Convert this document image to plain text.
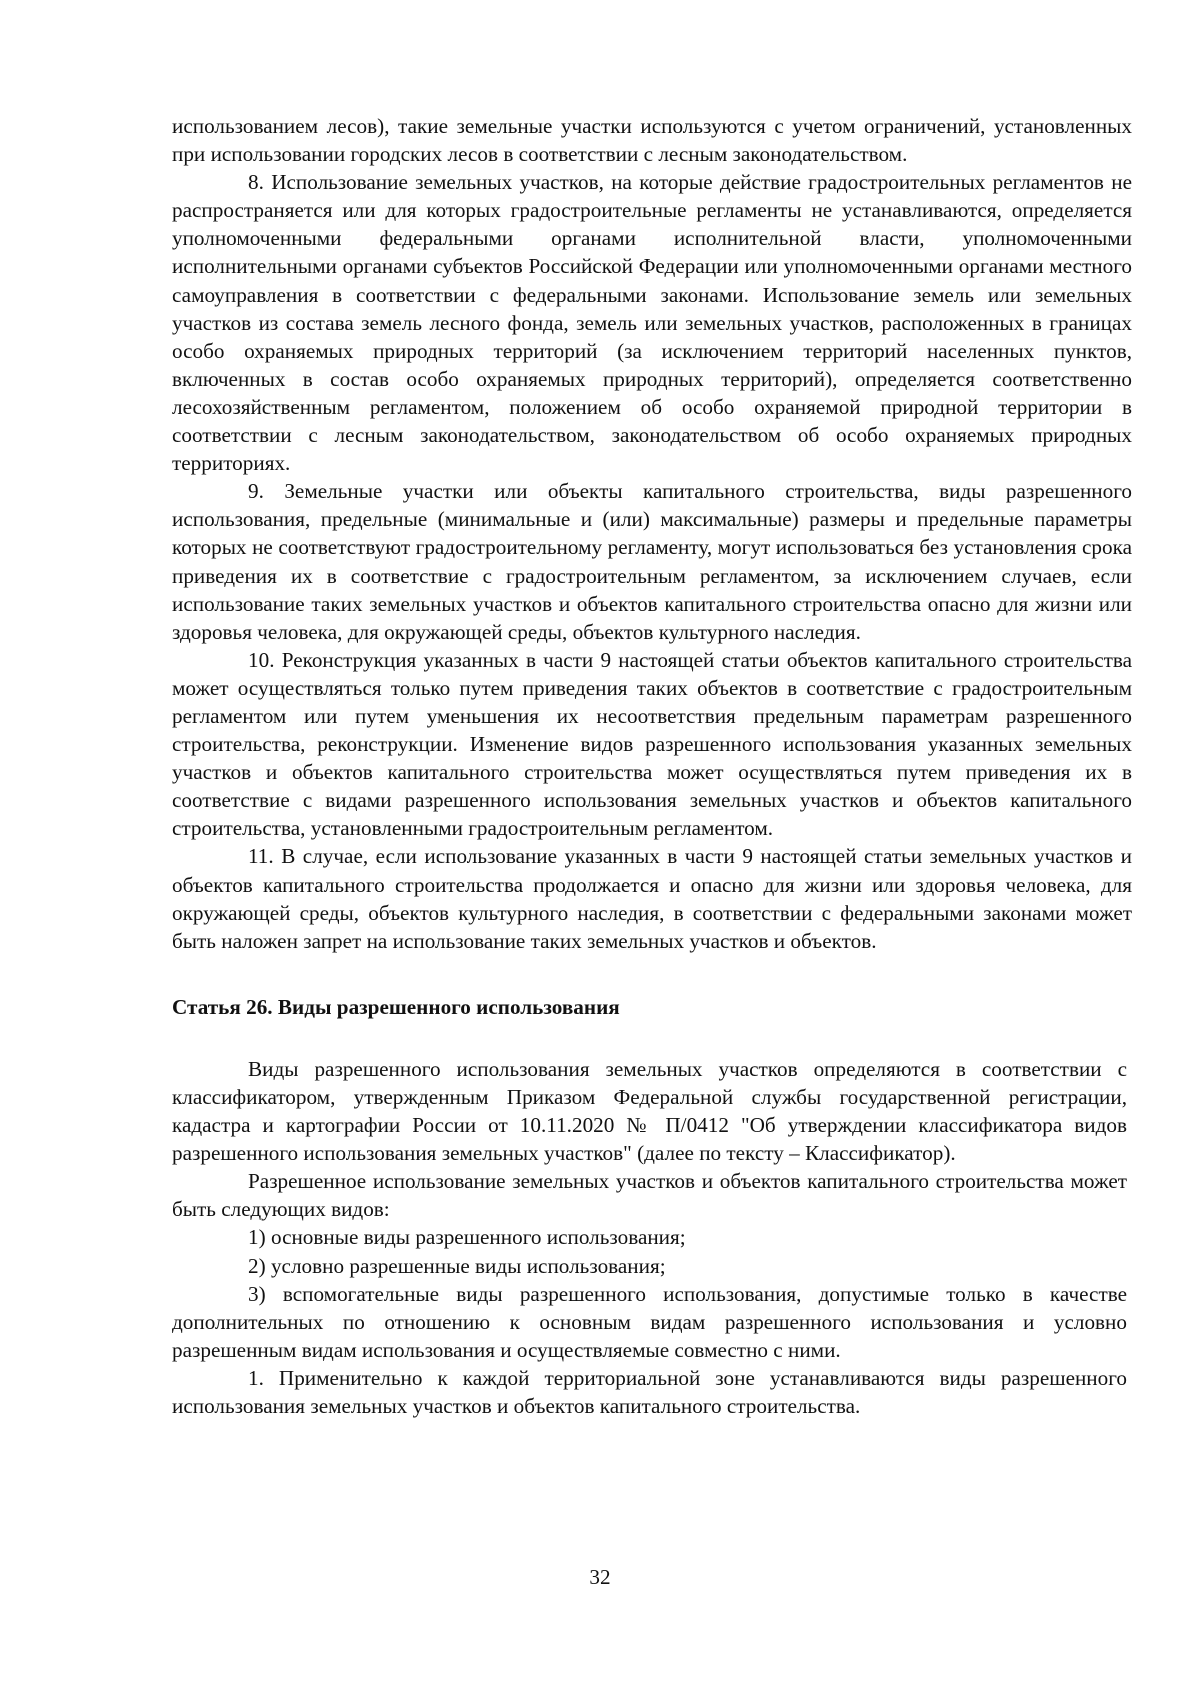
использованием лесов), такие земельные участки используются с учетом ограничений, установленных при использовании городских лесов в соответствии с лесным законодательством.

8. Использование земельных участков, на которые действие градостроительных регламентов не распространяется или для которых градостроительные регламенты не устанавливаются, определяется уполномоченными федеральными органами исполнительной власти, уполномоченными исполнительными органами субъектов Российской Федерации или уполномоченными органами местного самоуправления в соответствии с федеральными законами. Использование земель или земельных участков из состава земель лесного фонда, земель или земельных участков, расположенных в границах особо охраняемых природных территорий (за исключением территорий населенных пунктов, включенных в состав особо охраняемых природных территорий), определяется соответственно лесохозяйственным регламентом, положением об особо охраняемой природной территории в соответствии с лесным законодательством, законодательством об особо охраняемых природных территориях.

9. Земельные участки или объекты капитального строительства, виды разрешенного использования, предельные (минимальные и (или) максимальные) размеры и предельные параметры которых не соответствуют градостроительному регламенту, могут использоваться без установления срока приведения их в соответствие с градостроительным регламентом, за исключением случаев, если использование таких земельных участков и объектов капитального строительства опасно для жизни или здоровья человека, для окружающей среды, объектов культурного наследия.

10. Реконструкция указанных в части 9 настоящей статьи объектов капитального строительства может осуществляться только путем приведения таких объектов в соответствие с градостроительным регламентом или путем уменьшения их несоответствия предельным параметрам разрешенного строительства, реконструкции. Изменение видов разрешенного использования указанных земельных участков и объектов капитального строительства может осуществляться путем приведения их в соответствие с видами разрешенного использования земельных участков и объектов капитального строительства, установленными градостроительным регламентом.

11. В случае, если использование указанных в части 9 настоящей статьи земельных участков и объектов капитального строительства продолжается и опасно для жизни или здоровья человека, для окружающей среды, объектов культурного наследия, в соответствии с федеральными законами может быть наложен запрет на использование таких земельных участков и объектов.

Статья 26. Виды разрешенного использования

Виды разрешенного использования земельных участков определяются в соответствии с классификатором, утвержденным Приказом Федеральной службы государственной регистрации, кадастра и картографии России от 10.11.2020 № П/0412 "Об утверждении классификатора видов разрешенного использования земельных участков" (далее по тексту – Классификатор).

Разрешенное использование земельных участков и объектов капитального строительства может быть следующих видов:

1) основные виды разрешенного использования;

2) условно разрешенные виды использования;

3) вспомогательные виды разрешенного использования, допустимые только в качестве дополнительных по отношению к основным видам разрешенного использования и условно разрешенным видам использования и осуществляемые совместно с ними.

1. Применительно к каждой территориальной зоне устанавливаются виды разрешенного использования земельных участков и объектов капитального строительства.

32
